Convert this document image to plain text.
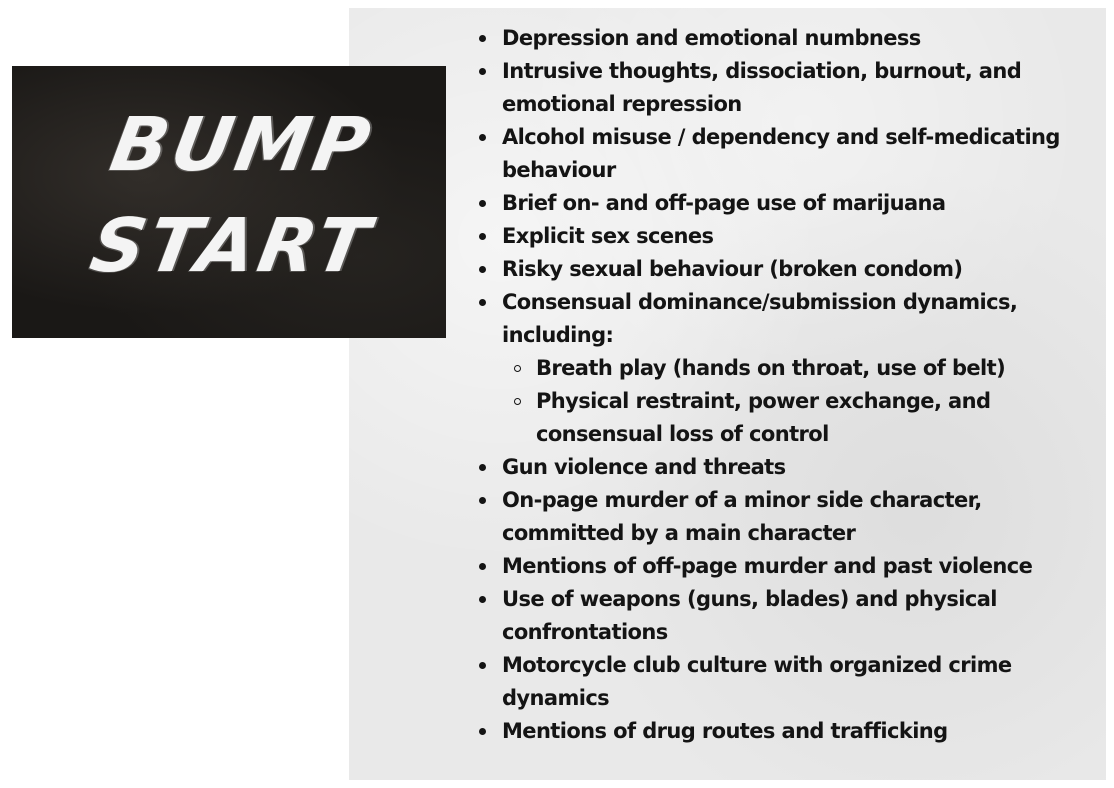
BUMP
START
Depression and emotional numbness
Intrusive thoughts, dissociation, burnout, and emotional repression
Alcohol misuse / dependency and self-medicating behaviour
Brief on- and off-page use of marijuana
Explicit sex scenes
Risky sexual behaviour (broken condom)
Consensual dominance/submission dynamics, including:
Breath play (hands on throat, use of belt)
Physical restraint, power exchange, and consensual loss of control
Gun violence and threats
On-page murder of a minor side character, committed by a main character
Mentions of off-page murder and past violence
Use of weapons (guns, blades) and physical confrontations
Motorcycle club culture with organized crime dynamics
Mentions of drug routes and trafficking
